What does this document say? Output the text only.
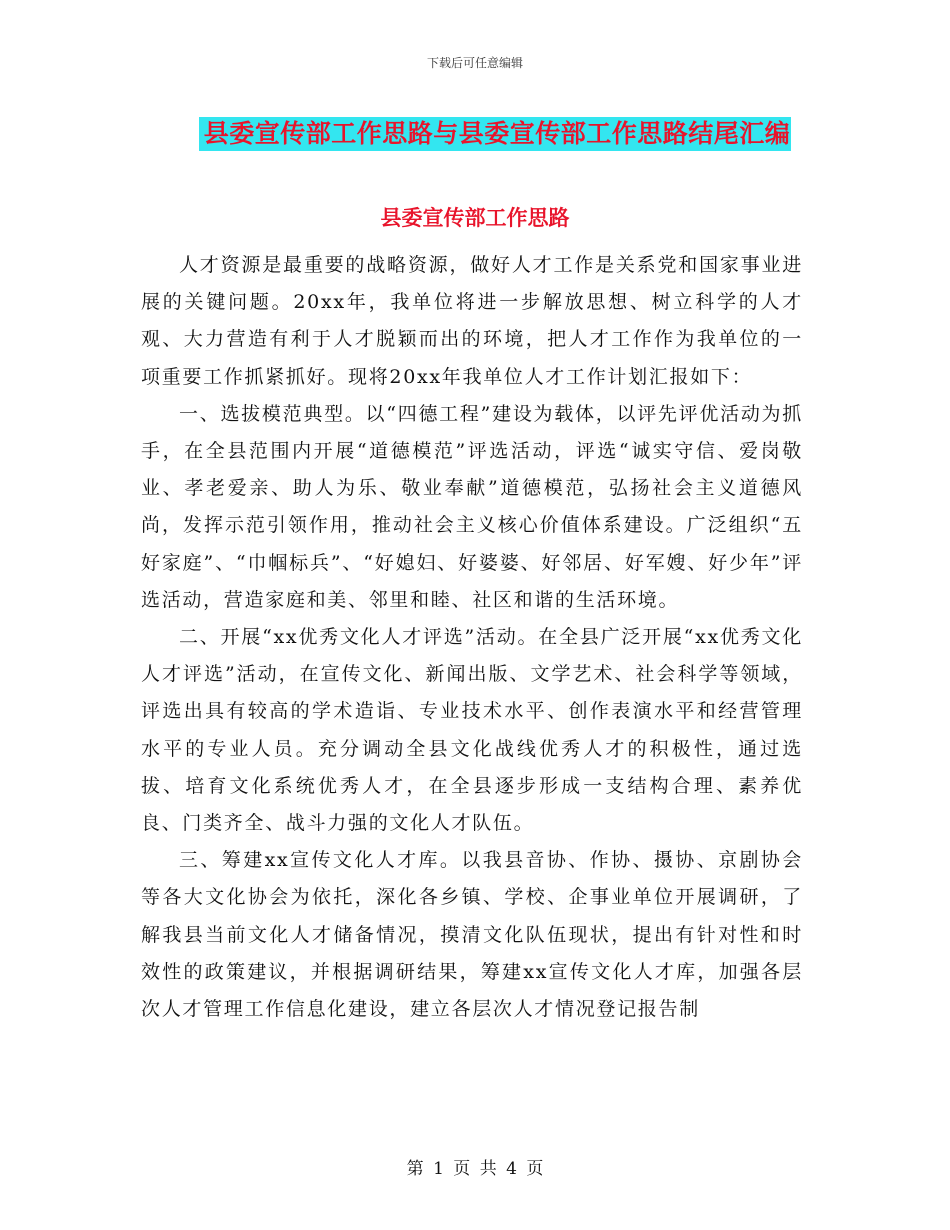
下载后可任意编辑

县委宣传部工作思路与县委宣传部工作思路结尾汇编
县委宣传部工作思路

人才资源是最重要的战略资源，做好人才工作是关系党和国家事业进展的关键问题。20xx年，我单位将进一步解放思想、树立科学的人才观、大力营造有利于人才脱颖而出的环境，把人才工作作为我单位的一项重要工作抓紧抓好。现将20xx年我单位人才工作计划汇报如下：

一、选拔模范典型。以“四德工程”建设为载体，以评先评优活动为抓手，在全县范围内开展“道德模范”评选活动，评选“诚实守信、爱岗敬业、孝老爱亲、助人为乐、敬业奉献”道德模范，弘扬社会主义道德风尚，发挥示范引领作用，推动社会主义核心价值体系建设。广泛组织“五好家庭”、“巾帼标兵”、“好媳妇、好婆婆、好邻居、好军嫂、好少年”评选活动，营造家庭和美、邻里和睦、社区和谐的生活环境。

二、开展“xx优秀文化人才评选”活动。在全县广泛开展“xx优秀文化人才评选”活动，在宣传文化、新闻出版、文学艺术、社会科学等领域，评选出具有较高的学术造诣、专业技术水平、创作表演水平和经营管理水平的专业人员。充分调动全县文化战线优秀人才的积极性，通过选拔、培育文化系统优秀人才，在全县逐步形成一支结构合理、素养优良、门类齐全、战斗力强的文化人才队伍。

三、筹建xx宣传文化人才库。以我县音协、作协、摄协、京剧协会等各大文化协会为依托，深化各乡镇、学校、企事业单位开展调研，了解我县当前文化人才储备情况，摸清文化队伍现状，提出有针对性和时效性的政策建议，并根据调研结果，筹建xx宣传文化人才库，加强各层次人才管理工作信息化建设，建立各层次人才情况登记报告制

第 1 页 共 4 页
